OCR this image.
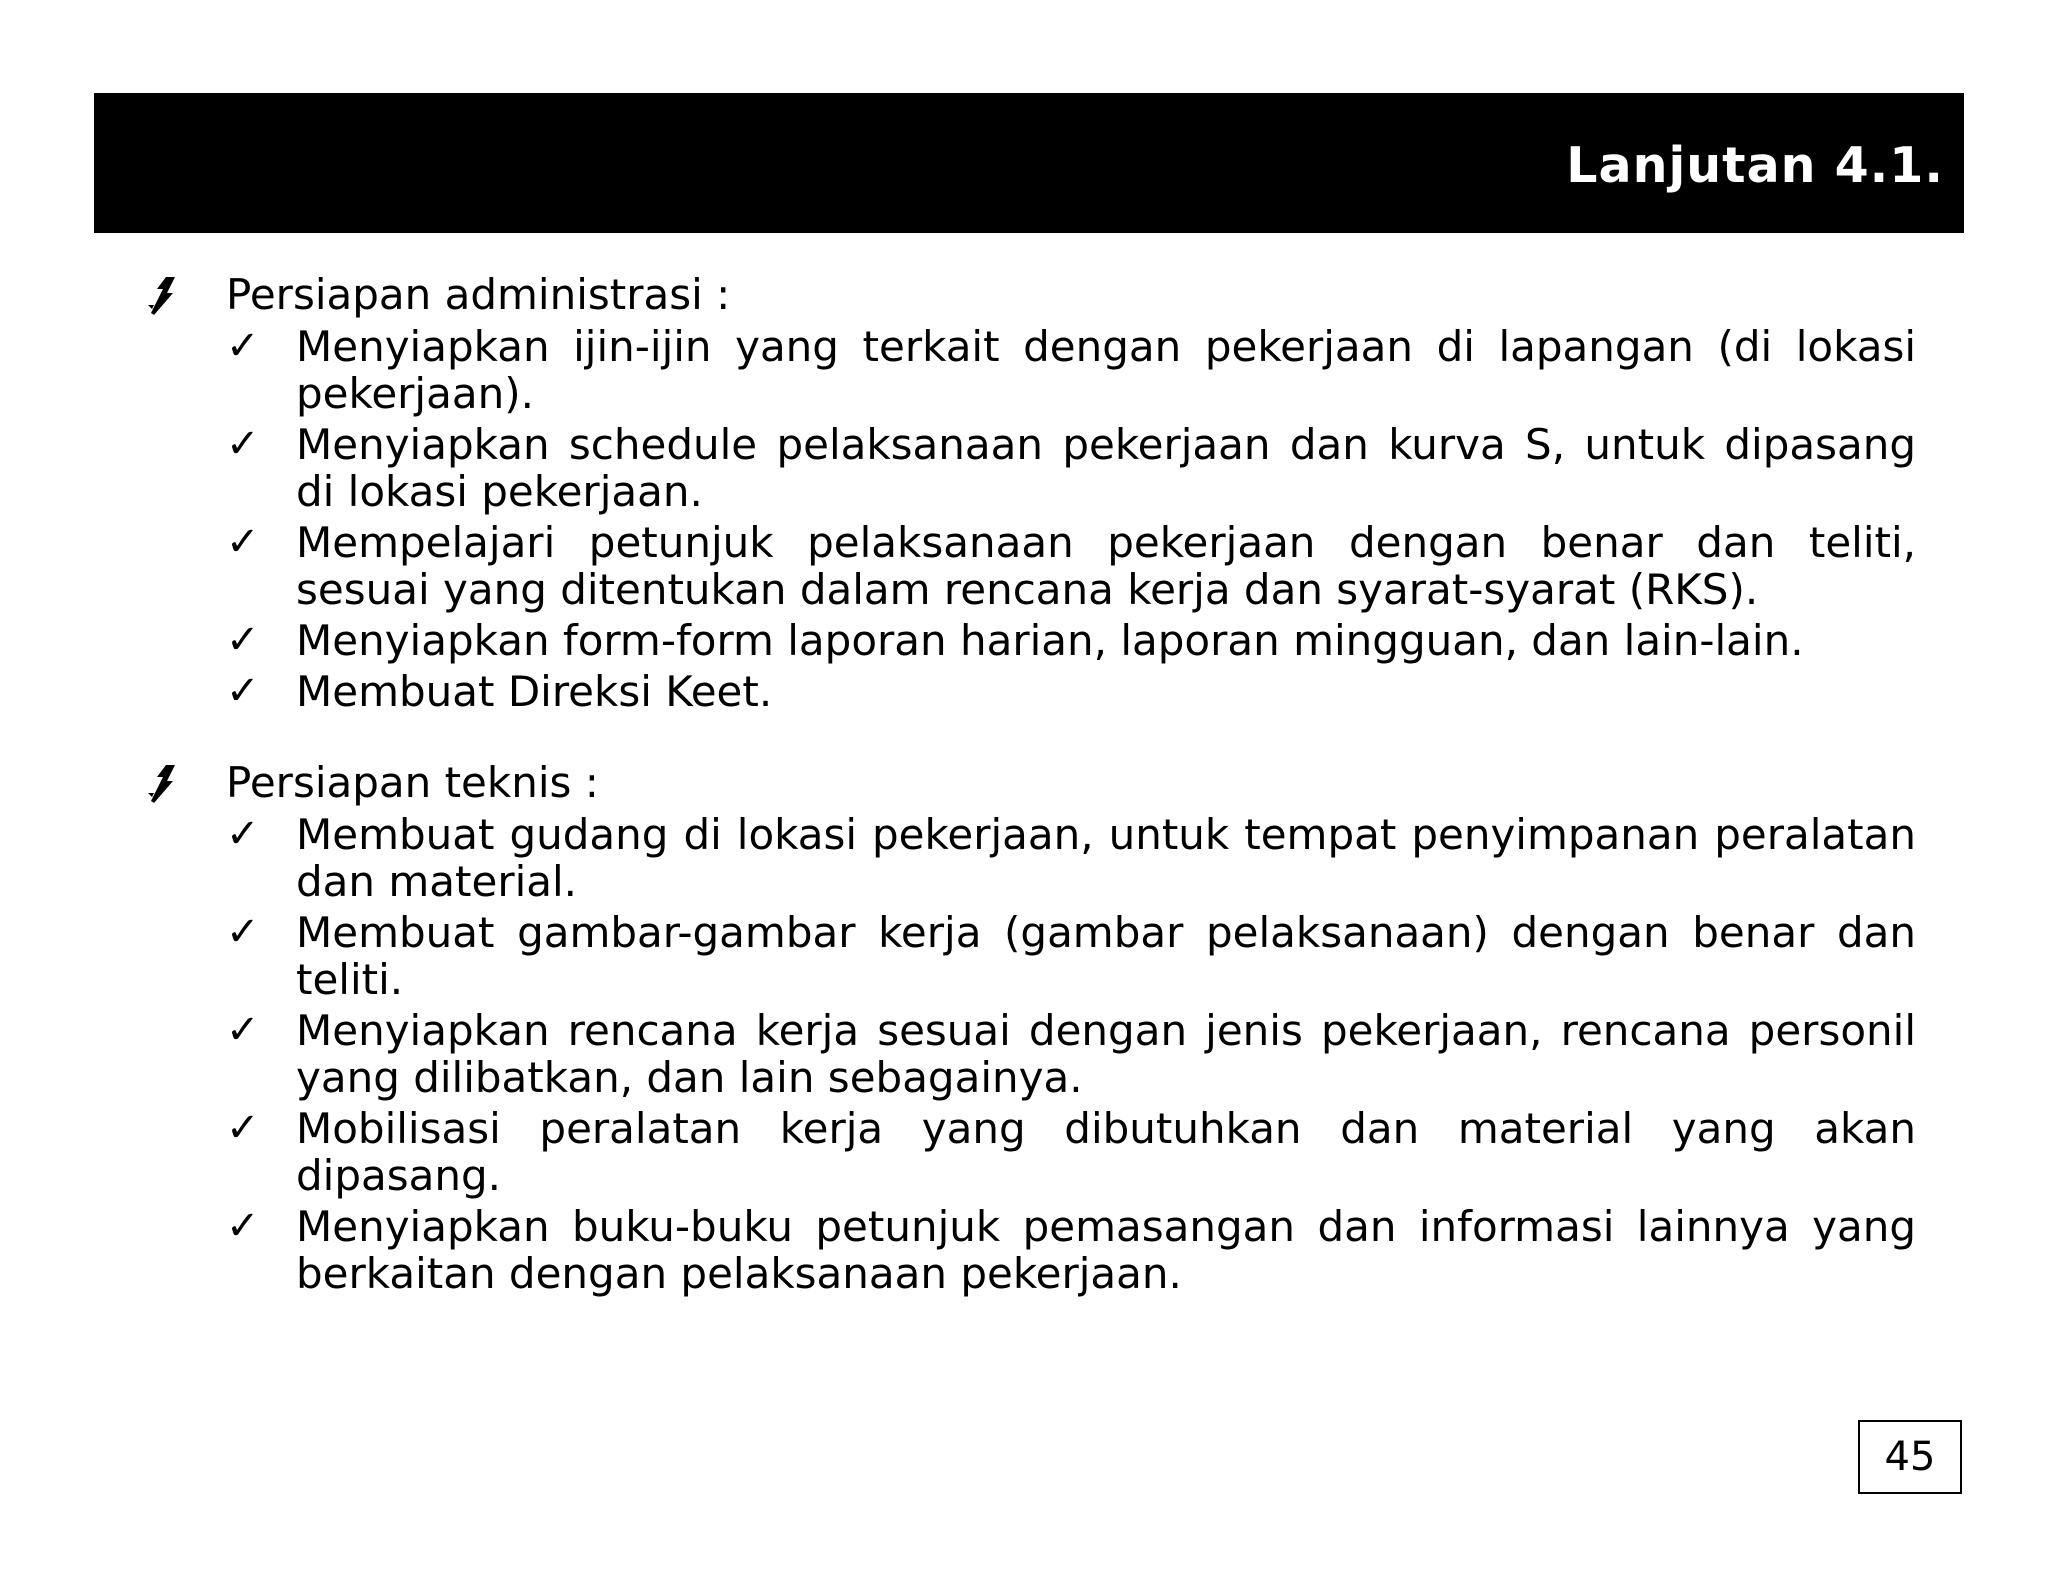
Lanjutan 4.1.
Persiapan administrasi :
✓ Menyiapkan ijin-ijin yang terkait dengan pekerjaan di lapangan (di lokasi pekerjaan).
✓ Menyiapkan schedule pelaksanaan pekerjaan dan kurva S, untuk dipasang di lokasi pekerjaan.
✓ Mempelajari petunjuk pelaksanaan pekerjaan dengan benar dan teliti, sesuai yang ditentukan dalam rencana kerja dan syarat-syarat (RKS).
✓ Menyiapkan form-form laporan harian, laporan mingguan, dan lain-lain.
✓ Membuat Direksi Keet.
Persiapan teknis :
✓ Membuat gudang di lokasi pekerjaan, untuk tempat penyimpanan peralatan dan material.
✓ Membuat gambar-gambar kerja (gambar pelaksanaan) dengan benar dan teliti.
✓ Menyiapkan rencana kerja sesuai dengan jenis pekerjaan, rencana personil yang dilibatkan, dan lain sebagainya.
✓ Mobilisasi peralatan kerja yang dibutuhkan dan material yang akan dipasang.
✓ Menyiapkan buku-buku petunjuk pemasangan dan informasi lainnya yang berkaitan dengan pelaksanaan pekerjaan.
45
